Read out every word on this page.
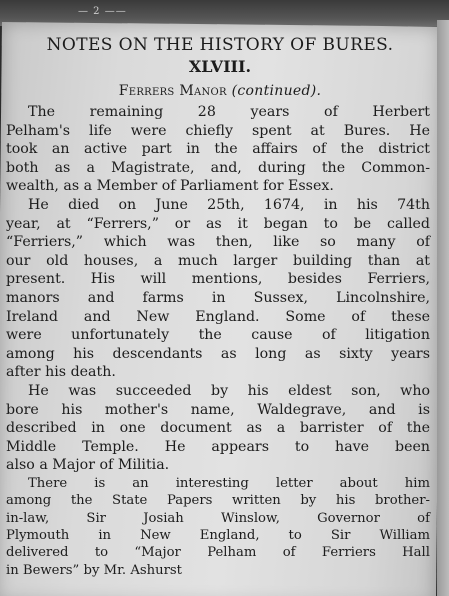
— 2 ——
NOTES ON THE HISTORY OF BURES.
XLVIII.
Ferrers Manor (continued).
The remaining 28 years of Herbert
Pelham's life were chiefly spent at Bures. He
took an active part in the affairs of the district
both as a Magistrate, and, during the Common-
wealth, as a Member of Parliament for Essex.
He died on June 25th, 1674, in his 74th
year, at “Ferrers,” or as it began to be called
“Ferriers,” which was then, like so many of
our old houses, a much larger building than at
present. His will mentions, besides Ferriers,
manors and farms in Sussex, Lincolnshire,
Ireland and New England. Some of these
were unfortunately the cause of litigation
among his descendants as long as sixty years
after his death.
He was succeeded by his eldest son, who
bore his mother's name, Waldegrave, and is
described in one document as a barrister of the
Middle Temple. He appears to have been
also a Major of Militia.
There is an interesting letter about him
among the State Papers written by his brother-
in-law, Sir Josiah Winslow, Governor of
Plymouth in New England, to Sir William
delivered to “Major Pelham of Ferriers Hall
in Bewers” by Mr. Ashurst
